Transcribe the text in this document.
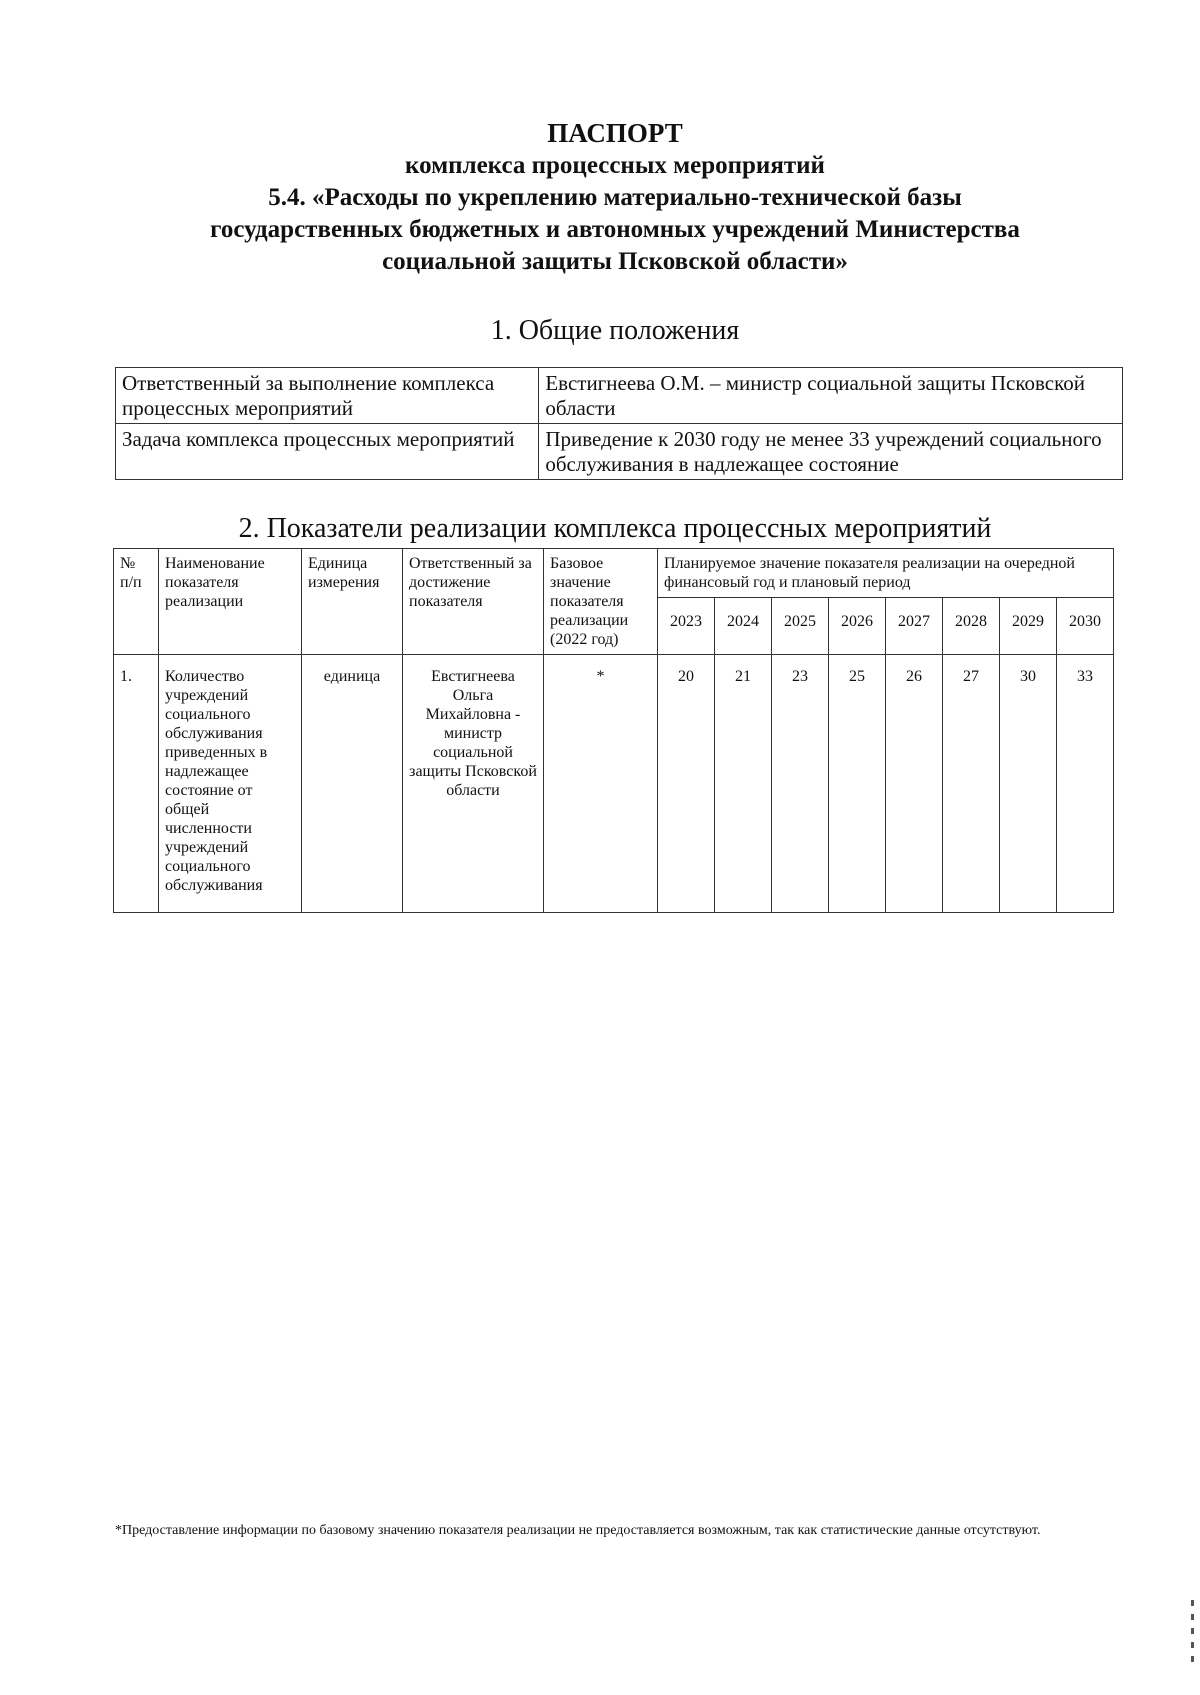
ПАСПОРТ
комплекса процессных мероприятий
5.4. «Расходы по укреплению материально-технической базы
государственных бюджетных и автономных учреждений Министерства
социальной защиты Псковской области»
1. Общие положения
Ответственный за выполнение комплекса процессных мероприятий	Евстигнеева О.М. – министр социальной защиты Псковской области
Задача комплекса процессных мероприятий	Приведение к 2030 году не менее 33 учреждений социального обслуживания в надлежащее состояние
2. Показатели реализации комплекса процессных мероприятий
№ п/п	Наименование показателя реализации	Единица измерения	Ответственный за достижение показателя	Базовое значение показателя реализации (2022 год)	Планируемое значение показателя реализации на очередной финансовый год и плановый период							
					2023	2024	2025	2026	2027	2028	2029	2030
1.	Количество учреждений социального обслуживания приведенных в надлежащее состояние от общей численности учреждений социального обслуживания	единица	Евстигнеева Ольга Михайловна - министр социальной защиты Псковской области	*	20	21	23	25	26	27	30	33
*Предоставление информации по базовому значению показателя реализации не предоставляется возможным, так как статистические данные отсутствуют.
